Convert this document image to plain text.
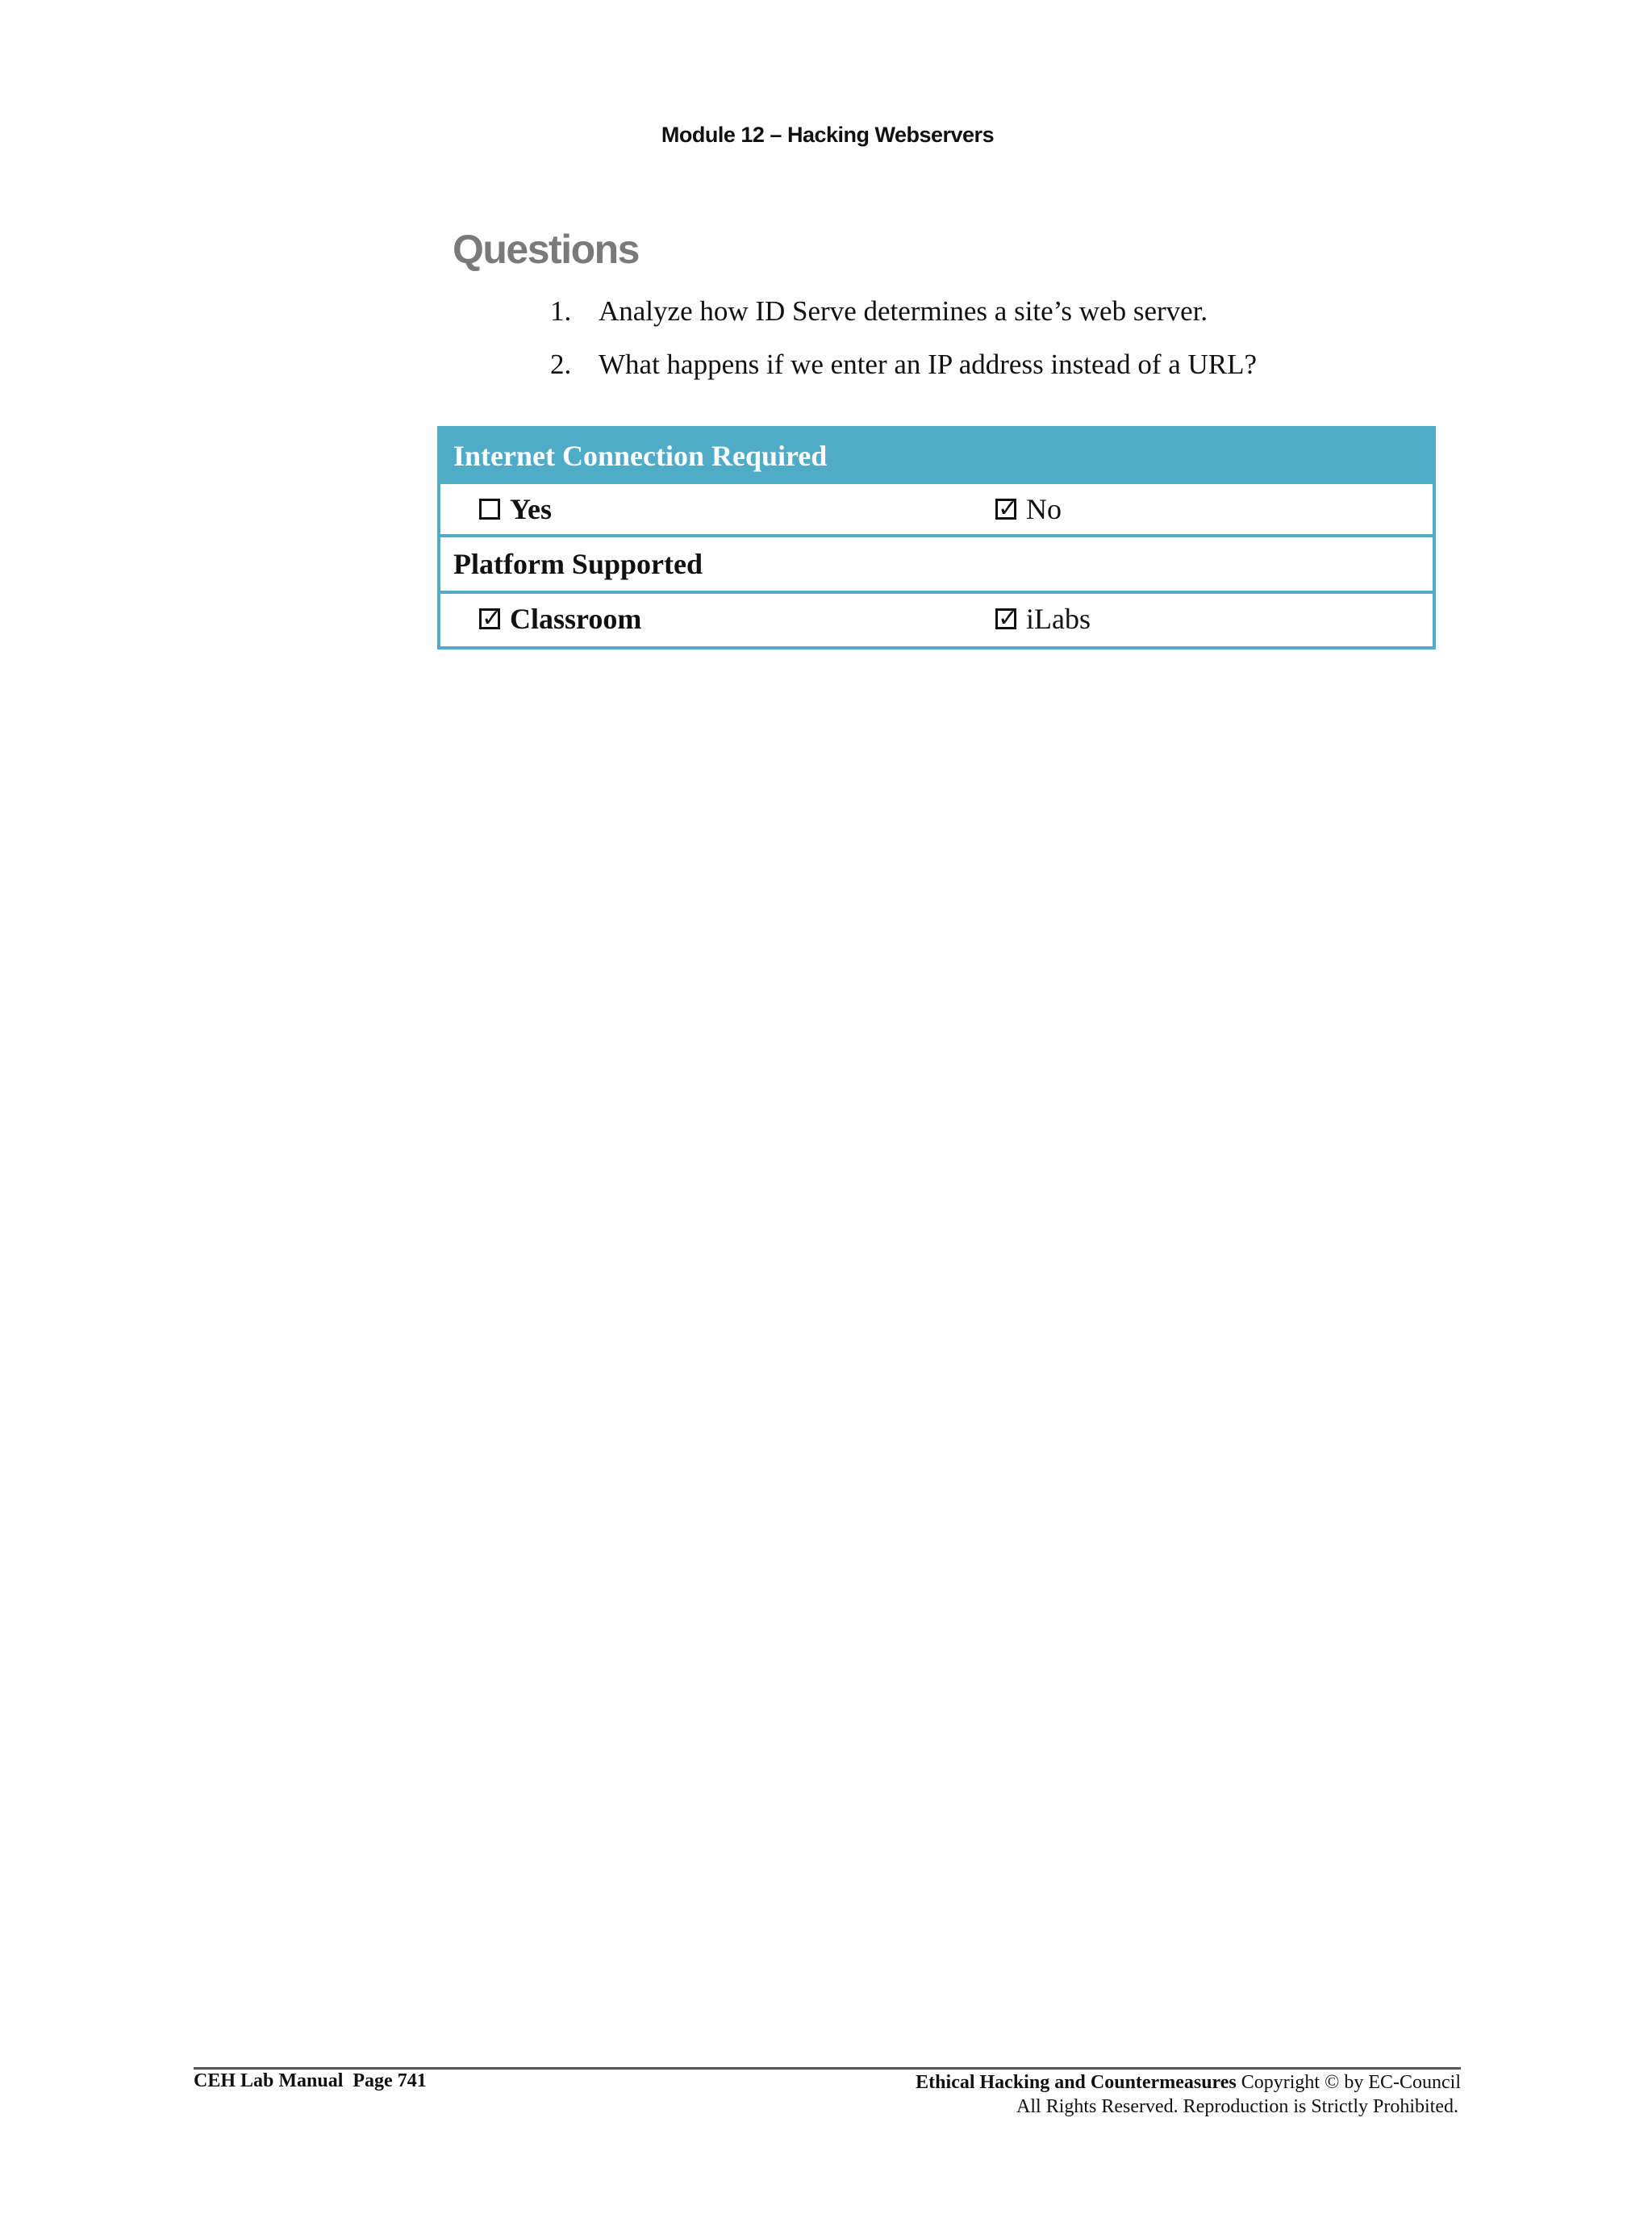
Module 12 – Hacking Webservers
Questions
1. Analyze how ID Serve determines a site’s web server.
2. What happens if we enter an IP address instead of a URL?
Internet Connection Required
Yes	✓ No
Platform Supported
✓ Classroom	✓ iLabs
CEH Lab Manual  Page 741	Ethical Hacking and Countermeasures Copyright © by EC-Council
All Rights Reserved. Reproduction is Strictly Prohibited.
